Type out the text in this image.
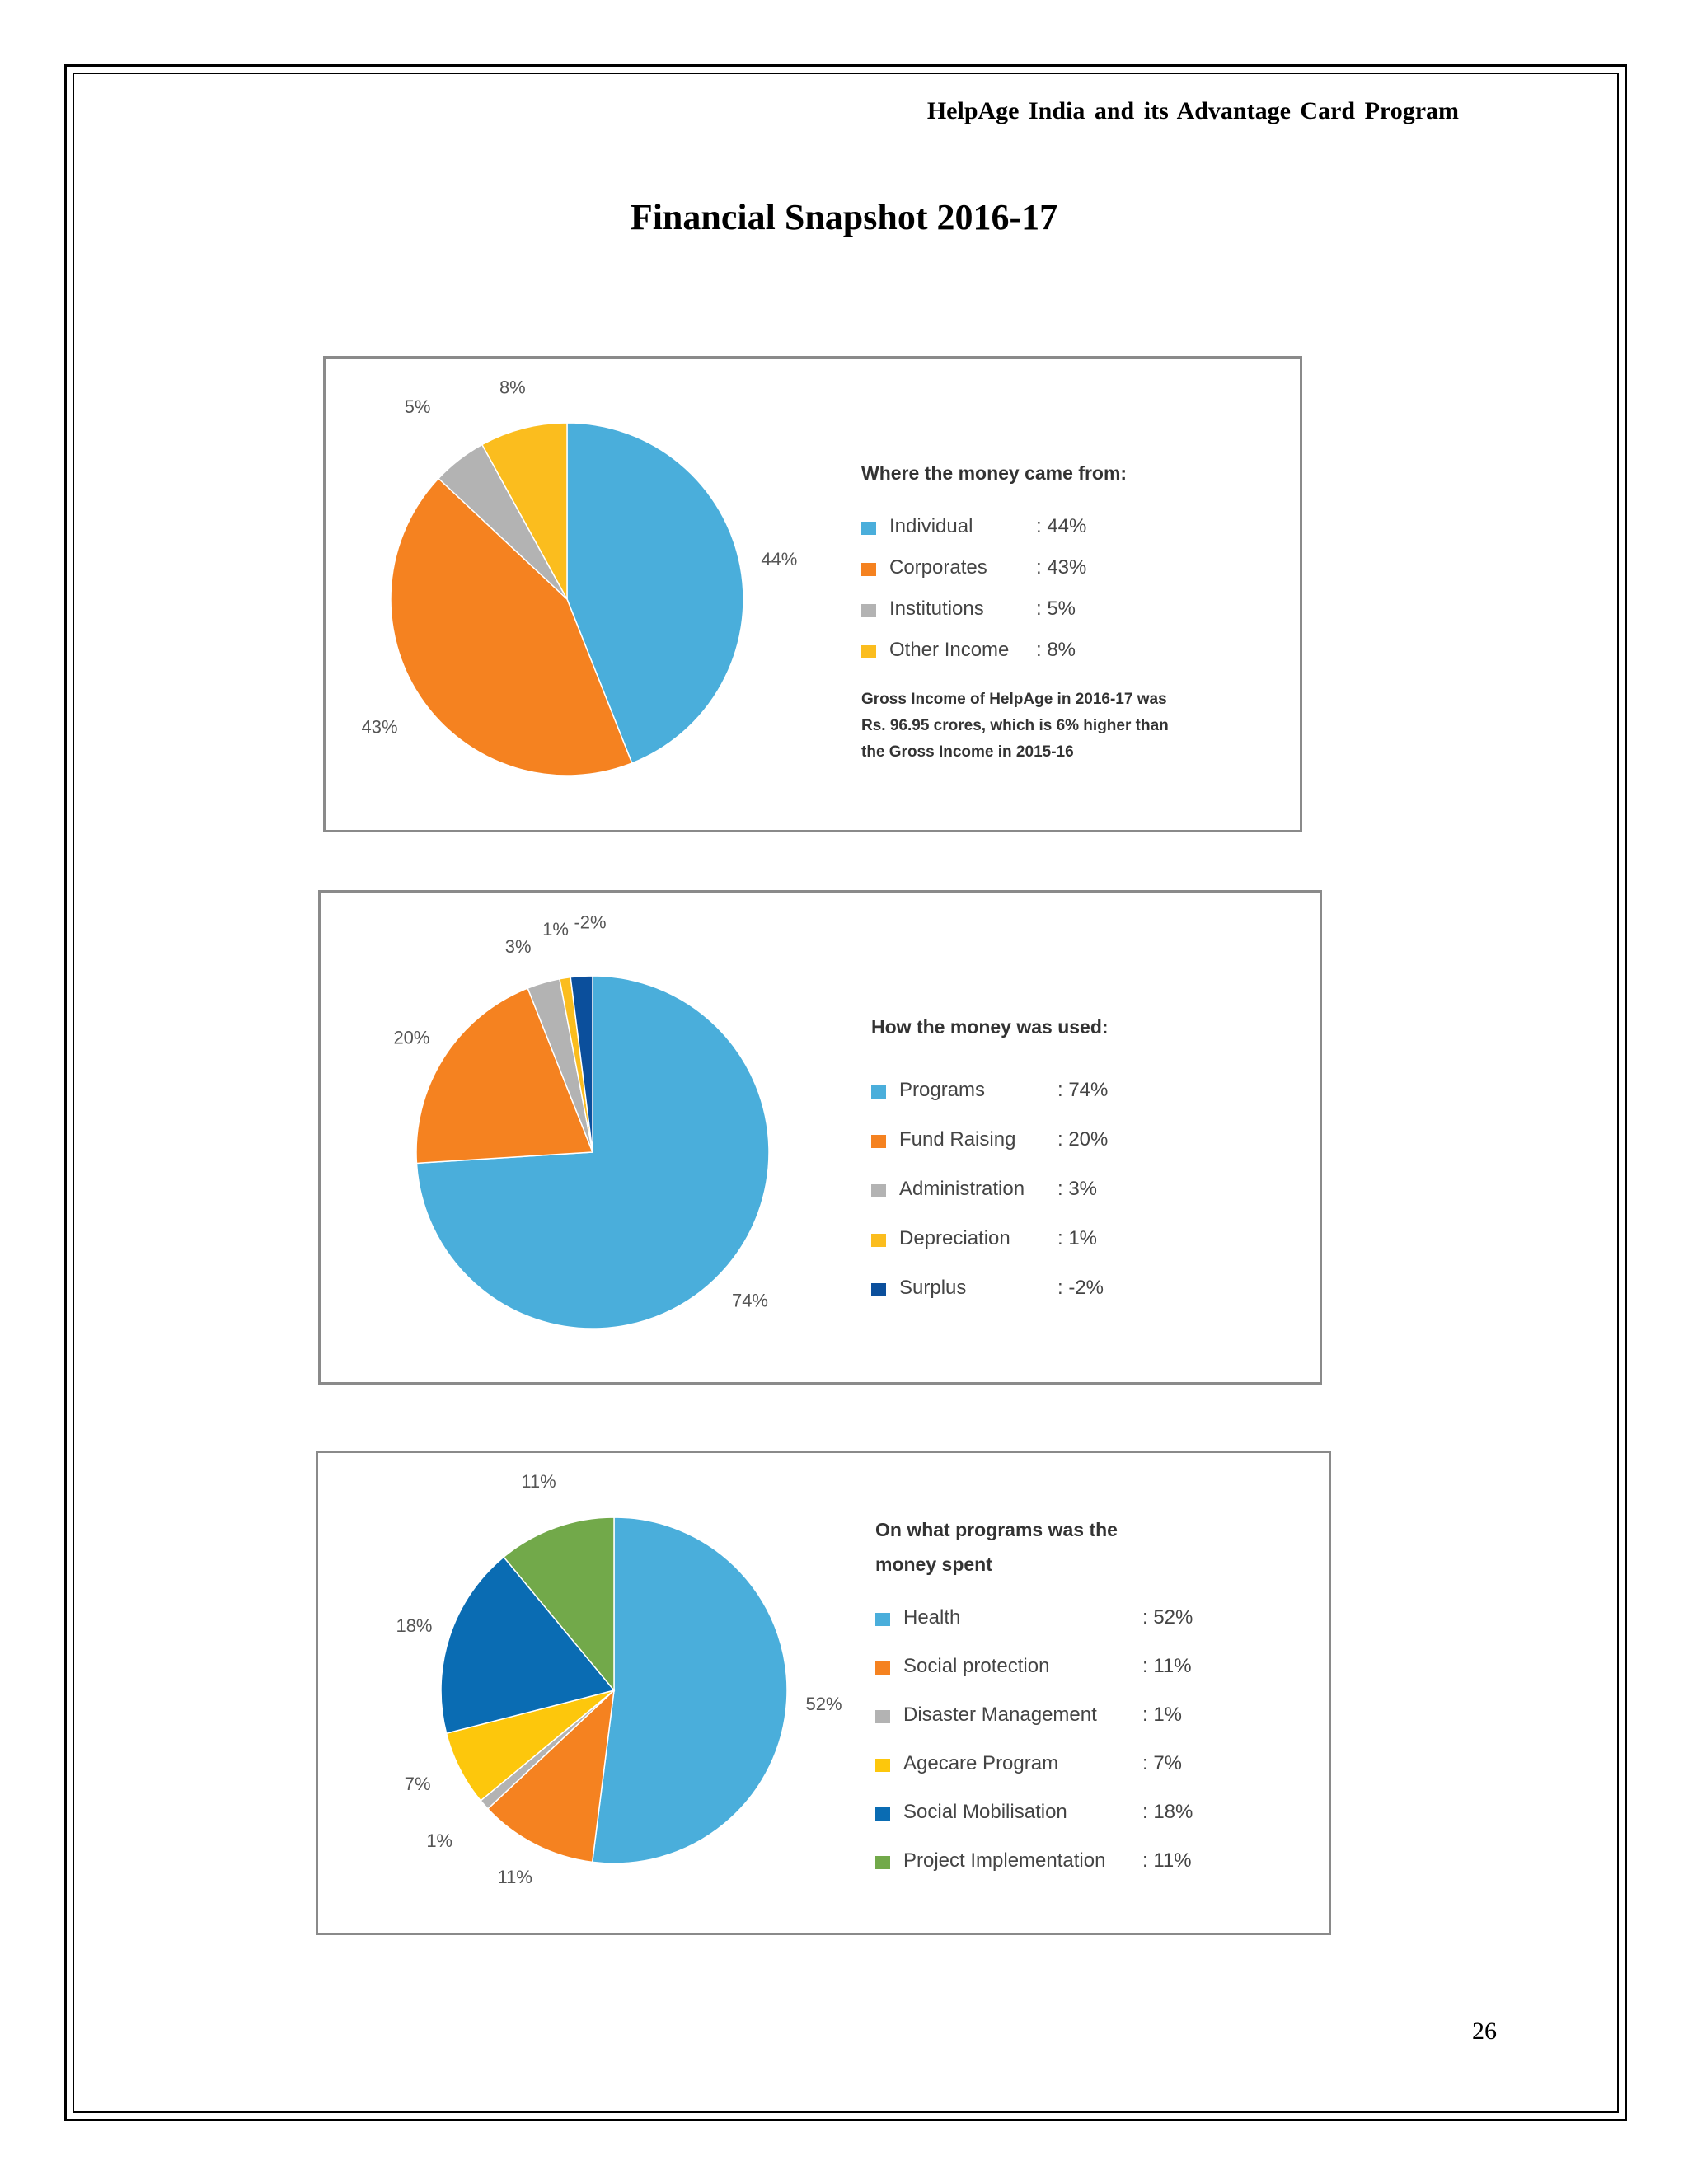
HelpAge India and its Advantage Card Program
Financial Snapshot 2016-17
44%
43%
5%
8%
Where the money came from:
Individual	: 44%
Corporates : 43%
Institutions	: 5%
Other Income : 8%
Gross Income of HelpAge in 2016-17 was
Rs. 96.95 crores, which is 6% higher than
the Gross Income in 2015-16
74%
20%
3%
1% -2%
How the money was used:
Programs	: 74%
Fund Raising : 20%
Administration : 3%
Depreciation : 1%
Surplus	: -2%
52%
11%
1%
7%
18%
11%
On what programs was the money spent
Health	: 52%
Social protection	: 11%
Disaster Management : 1%
Agecare Program	: 7%
Social Mobilisation	: 18%
Project Implementation : 11%
26
